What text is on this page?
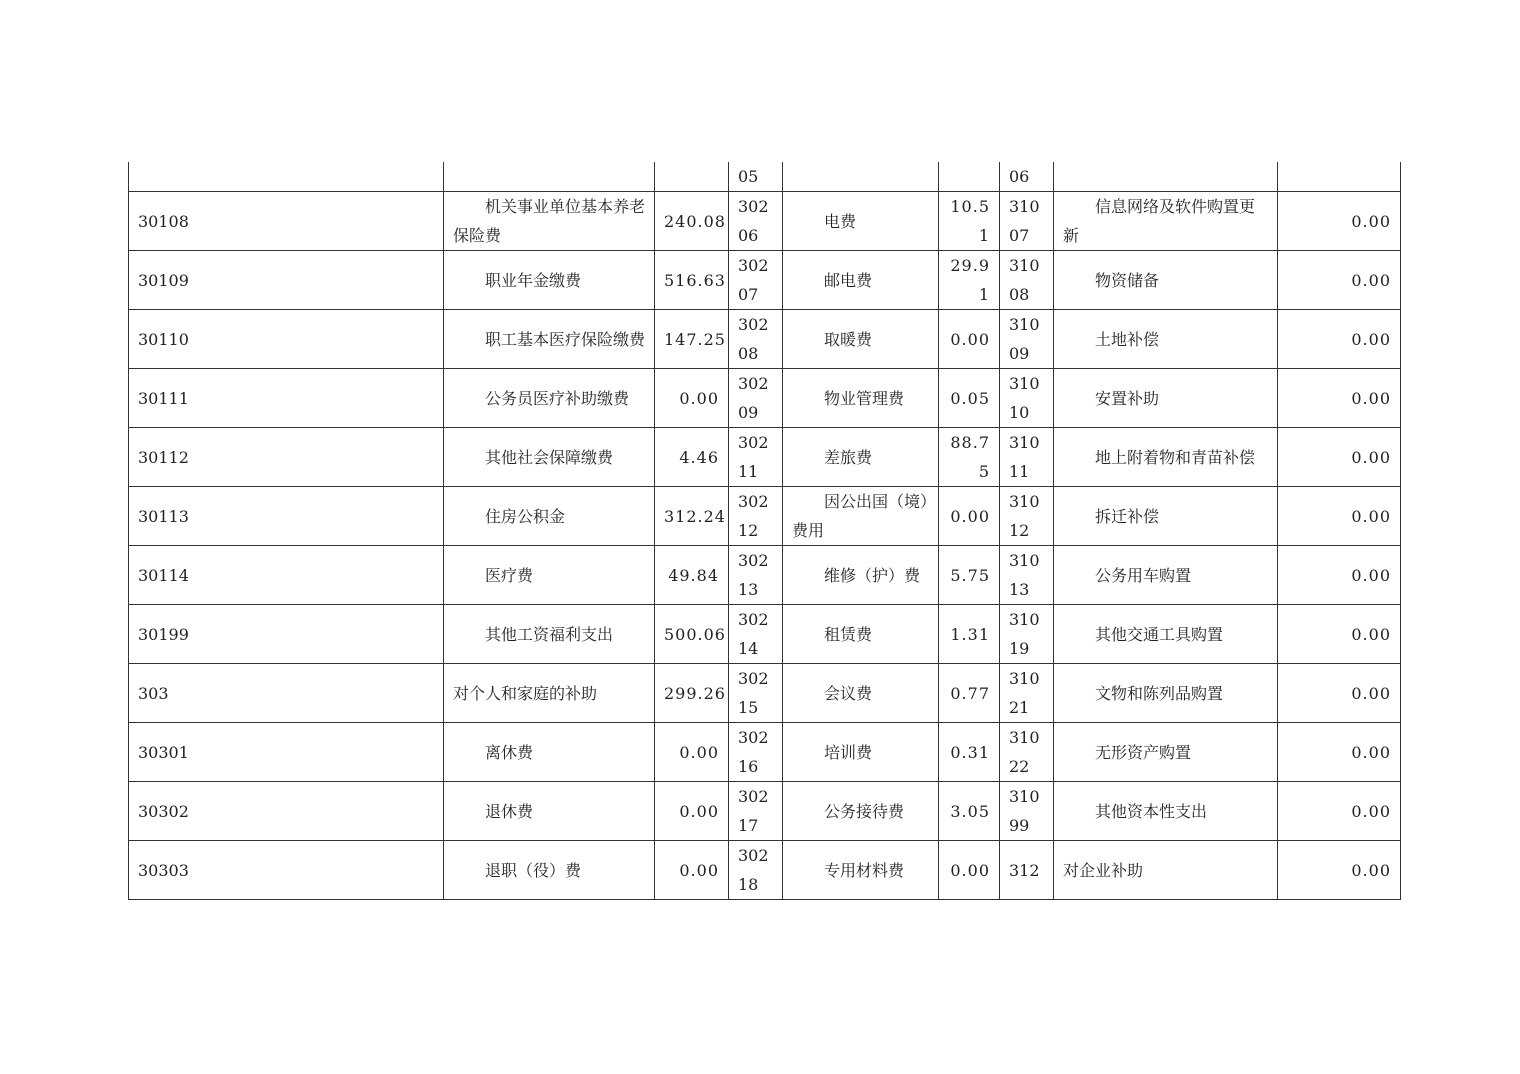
			05			06		
30108	机关事业单位基本养老保险费	240.08	30206	电费	10.51	31007	信息网络及软件购置更新	0.00
30109	职业年金缴费	516.63	30207	邮电费	29.91	31008	物资储备	0.00
30110	职工基本医疗保险缴费	147.25	30208	取暖费	0.00	31009	土地补偿	0.00
30111	公务员医疗补助缴费	0.00	30209	物业管理费	0.05	31010	安置补助	0.00
30112	其他社会保障缴费	4.46	30211	差旅费	88.75	31011	地上附着物和青苗补偿	0.00
30113	住房公积金	312.24	30212	因公出国（境）费用	0.00	31012	拆迁补偿	0.00
30114	医疗费	49.84	30213	维修（护）费	5.75	31013	公务用车购置	0.00
30199	其他工资福利支出	500.06	30214	租赁费	1.31	31019	其他交通工具购置	0.00
303	对个人和家庭的补助	299.26	30215	会议费	0.77	31021	文物和陈列品购置	0.00
30301	离休费	0.00	30216	培训费	0.31	31022	无形资产购置	0.00
30302	退休费	0.00	30217	公务接待费	3.05	31099	其他资本性支出	0.00
30303	退职（役）费	0.00	30218	专用材料费	0.00	312	对企业补助	0.00
